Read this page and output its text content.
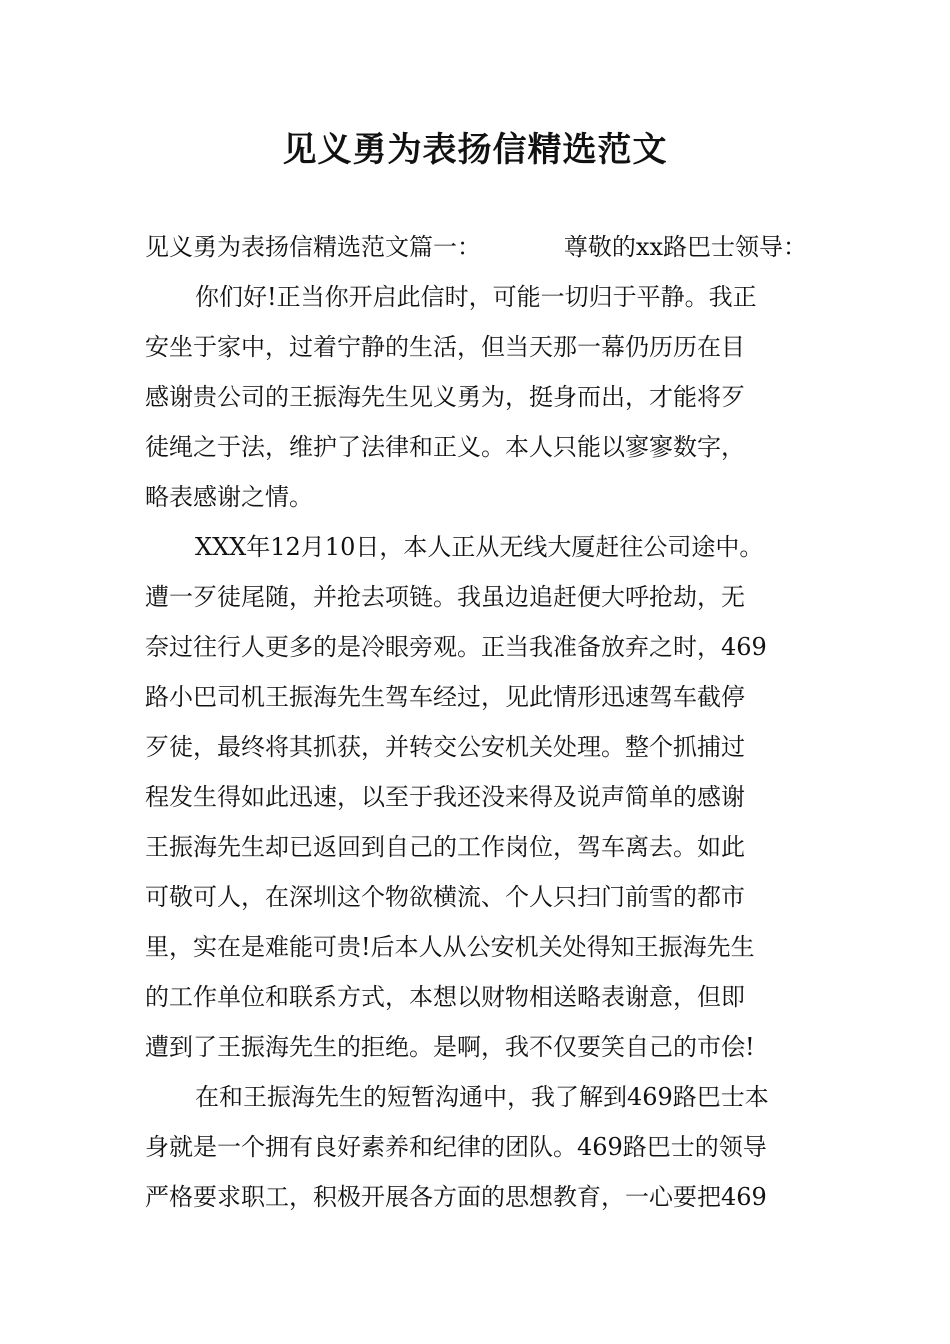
见义勇为表扬信精选范文
见义勇为表扬信精选范文篇一：	尊敬的xx路巴士领导：
你们好!正当你开启此信时，可能一切归于平静。我正
安坐于家中，过着宁静的生活，但当天那一幕仍历历在目
感谢贵公司的王振海先生见义勇为，挺身而出，才能将歹
徒绳之于法，维护了法律和正义。本人只能以寥寥数字，
略表感谢之情。
XXX年12月10日，本人正从无线大厦赶往公司途中。
遭一歹徒尾随，并抢去项链。我虽边追赶便大呼抢劫，无
奈过往行人更多的是冷眼旁观。正当我准备放弃之时，469
路小巴司机王振海先生驾车经过，见此情形迅速驾车截停
歹徒，最终将其抓获，并转交公安机关处理。整个抓捕过
程发生得如此迅速，以至于我还没来得及说声简单的感谢
王振海先生却已返回到自己的工作岗位，驾车离去。如此
可敬可人，在深圳这个物欲横流、个人只扫门前雪的都市
里，实在是难能可贵!后本人从公安机关处得知王振海先生
的工作单位和联系方式，本想以财物相送略表谢意，但即
遭到了王振海先生的拒绝。是啊，我不仅要笑自己的市侩!
在和王振海先生的短暂沟通中，我了解到469路巴士本
身就是一个拥有良好素养和纪律的团队。469路巴士的领导
严格要求职工，积极开展各方面的思想教育，一心要把469
